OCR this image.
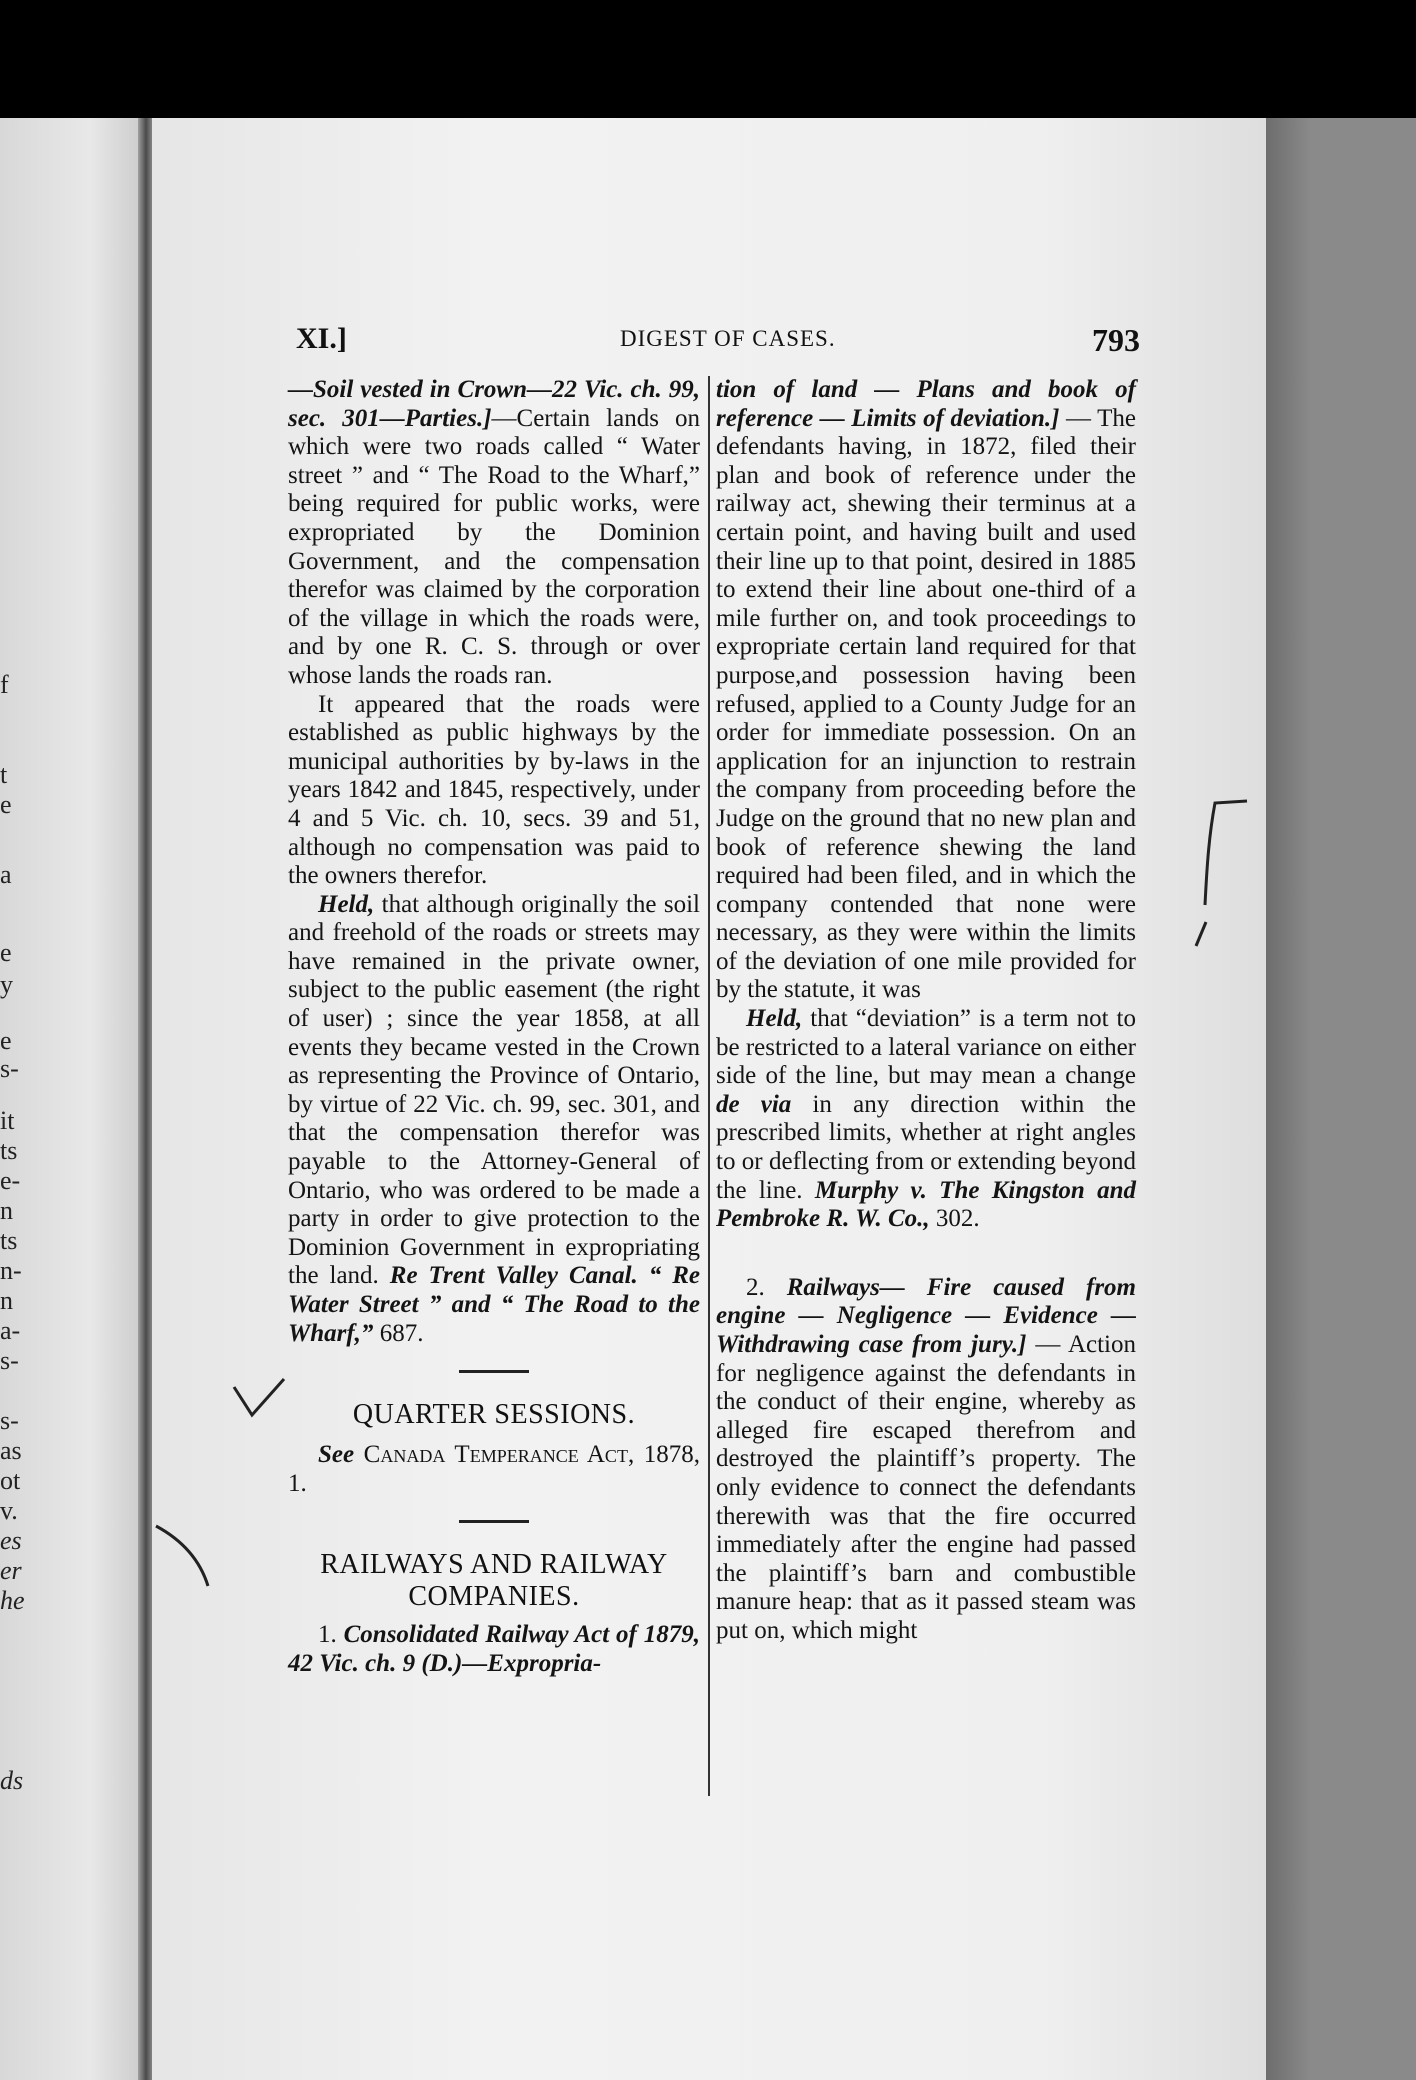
f
t
e
a
e
y
e
s-
it
ts
e-
n
ts
n-
n
a-
s-
s-
as
ot
v.
es
er
he
ds
XI.]	DIGEST OF CASES.	793

—Soil vested in Crown—22 Vic. ch. 99, sec. 301—Parties.]—Certain lands on which were two roads called “ Water street ” and “ The Road to the Wharf,” being required for public works, were expropriated by the Dominion Government, and the compensation therefor was claimed by the corporation of the village in which the roads were, and by one R. C. S. through or over whose lands the roads ran.

It appeared that the roads were established as public highways by the municipal authorities by by-laws in the years 1842 and 1845, respectively, under 4 and 5 Vic. ch. 10, secs. 39 and 51, although no compensation was paid to the owners therefor.

Held, that although originally the soil and freehold of the roads or streets may have remained in the private owner, subject to the public easement (the right of user) ; since the year 1858, at all events they became vested in the Crown as representing the Province of Ontario, by virtue of 22 Vic. ch. 99, sec. 301, and that the compensation therefor was payable to the Attorney-General of Ontario, who was ordered to be made a party in order to give protection to the Dominion Government in expropriating the land. Re Trent Valley Canal. “ Re Water Street ” and “ The Road to the Wharf,” 687.

QUARTER SESSIONS.

See Canada Temperance Act, 1878, 1.

RAILWAYS AND RAILWAY

COMPANIES.

1. Consolidated Railway Act of 1879, 42 Vic. ch. 9 (D.)—Expropria-

tion of land — Plans and book of reference — Limits of deviation.] — The defendants having, in 1872, filed their plan and book of reference under the railway act, shewing their terminus at a certain point, and having built and used their line up to that point, desired in 1885 to extend their line about one-third of a mile further on, and took proceedings to expropriate certain land required for that purpose,and possession having been refused, applied to a County Judge for an order for immediate possession. On an application for an injunction to restrain the company from proceeding before the Judge on the ground that no new plan and book of reference shewing the land required had been filed, and in which the company contended that none were necessary, as they were within the limits of the deviation of one mile provided for by the statute, it was

Held, that “deviation” is a term not to be restricted to a lateral variance on either side of the line, but may mean a change de via in any direction within the prescribed limits, whether at right angles to or deflecting from or extending beyond the line. Murphy v. The Kingston and Pembroke R. W. Co., 302.

2. Railways— Fire caused from engine — Negligence — Evidence — Withdrawing case from jury.] — Action for negligence against the defendants in the conduct of their engine, whereby as alleged fire escaped therefrom and destroyed the plaintiff’s property. The only evidence to connect the defendants therewith was that the fire occurred immediately after the engine had passed the plaintiff’s barn and combustible manure heap: that as it passed steam was put on, which might
